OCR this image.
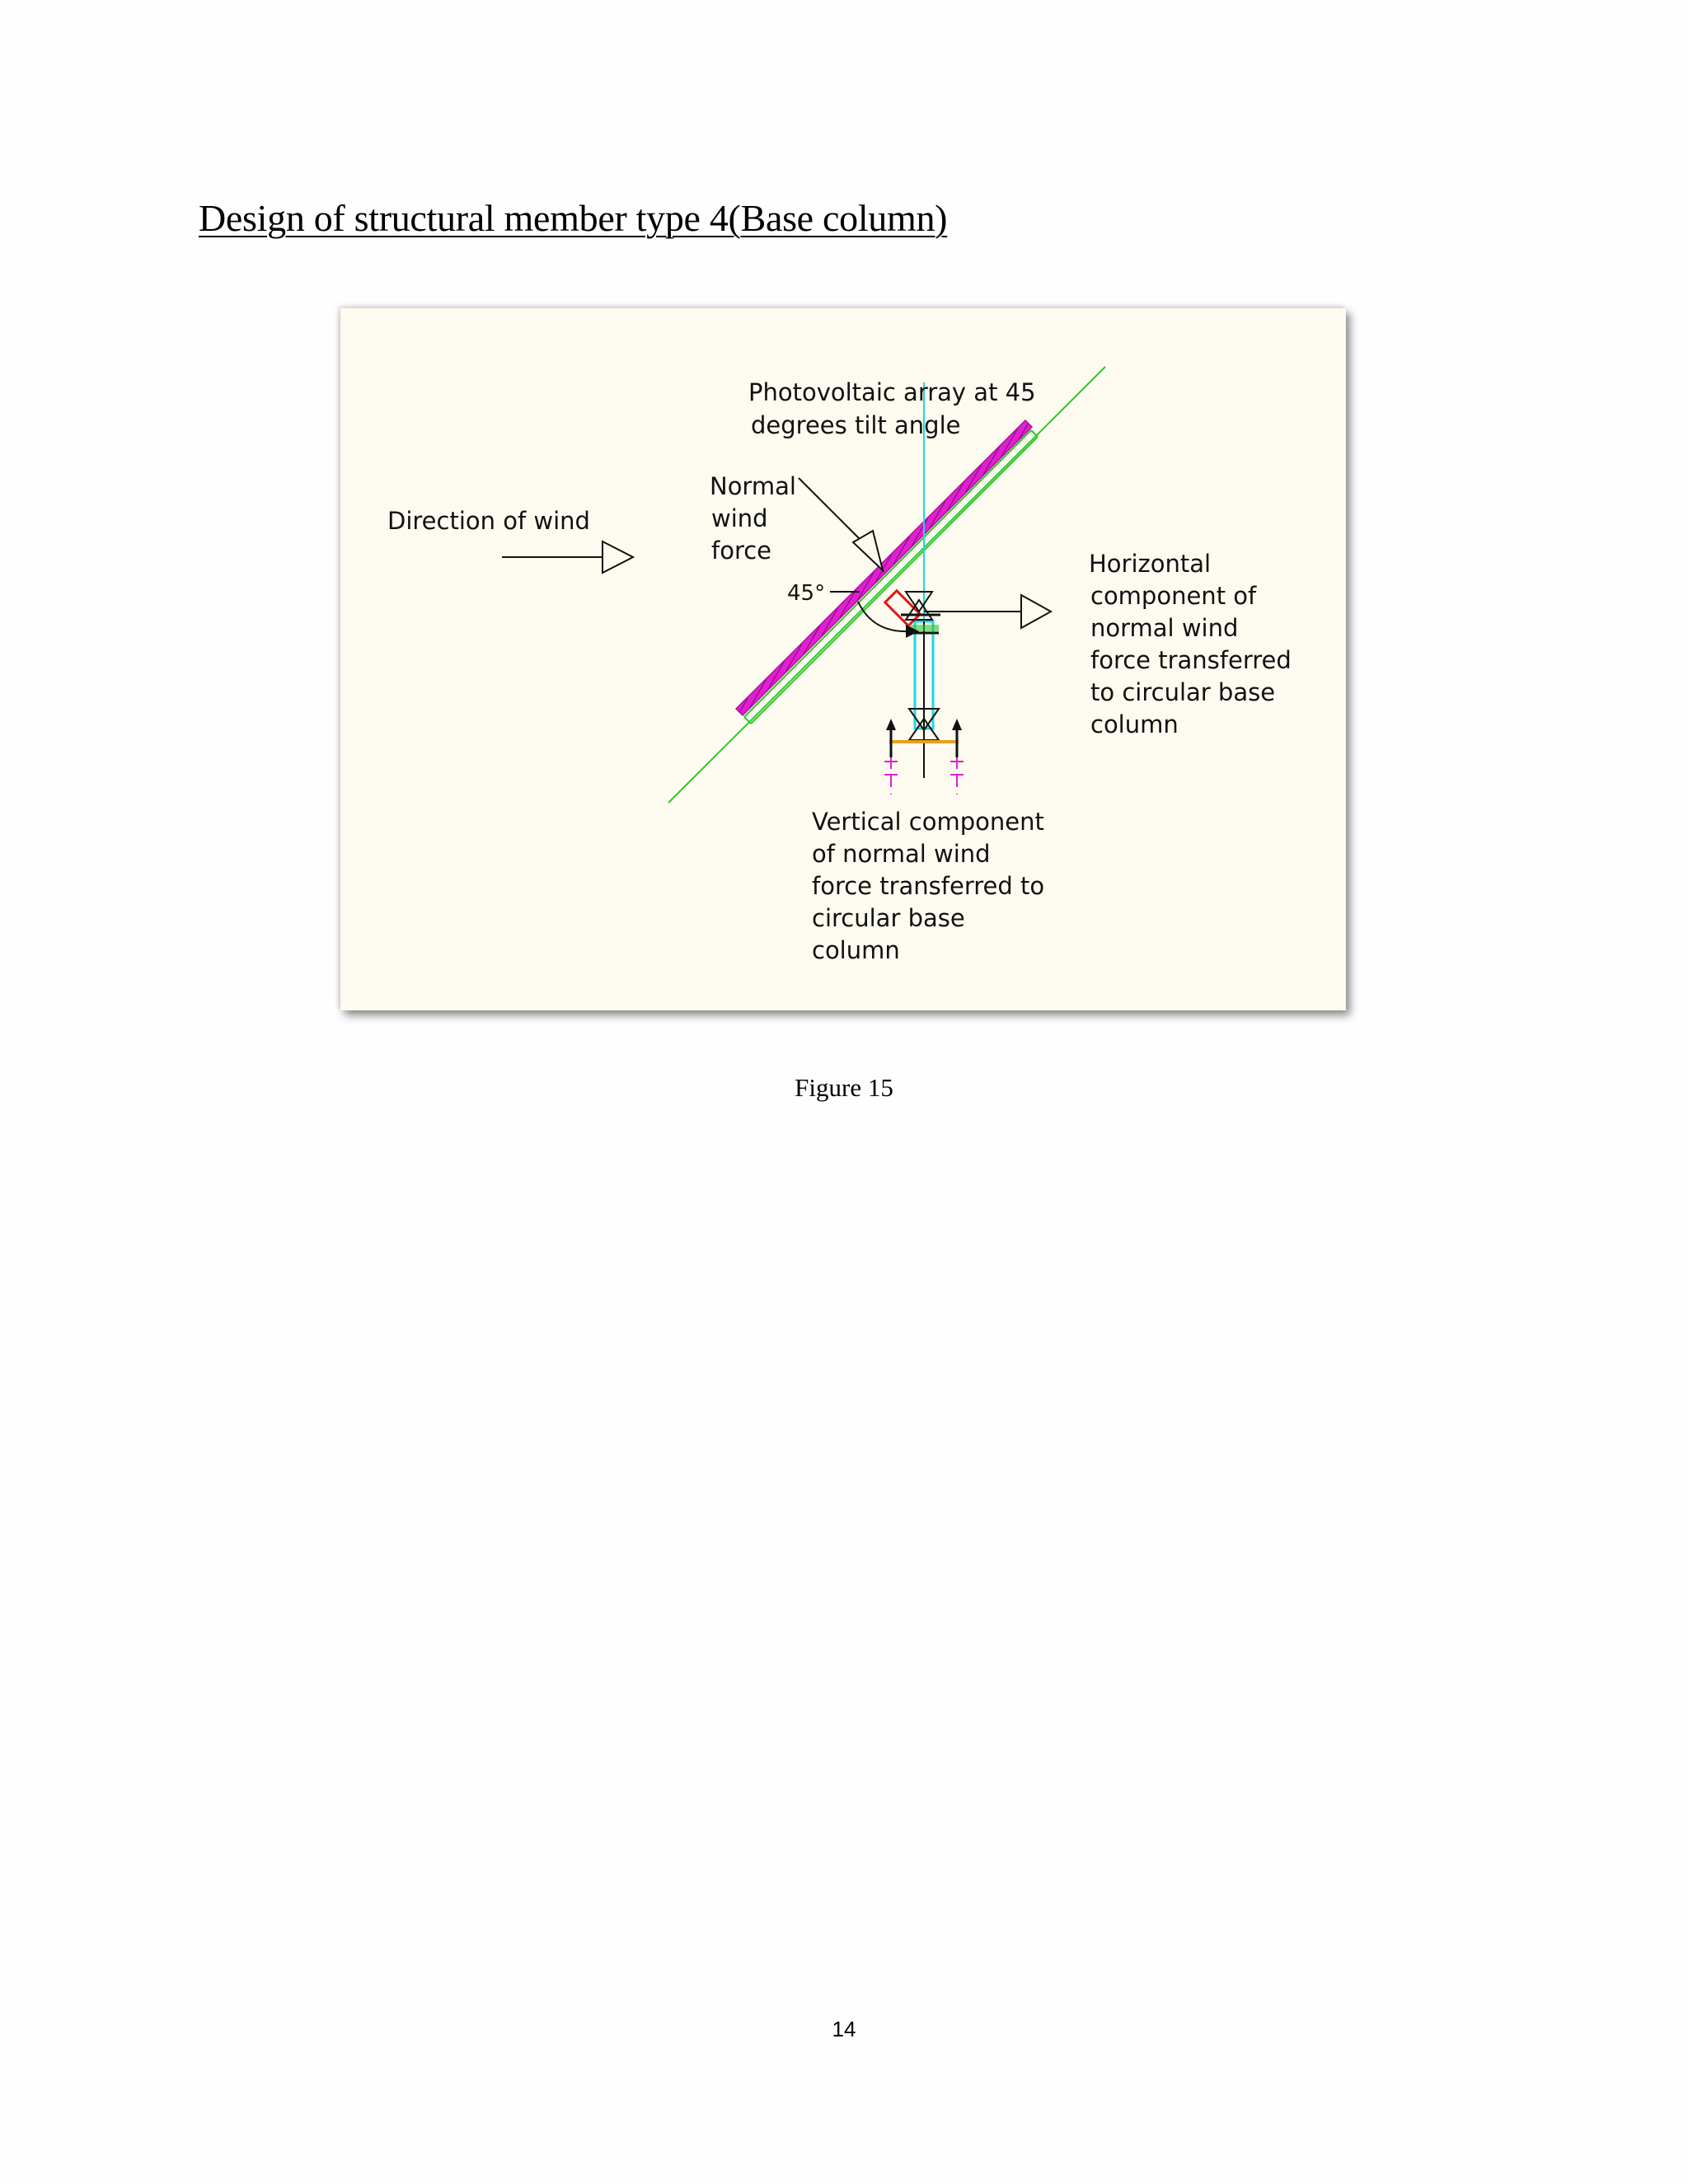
Design of structural member type 4(Base column)
Photovoltaic array at 45 degrees tilt angle
Normal wind force
Direction of wind
45°
Horizontal component of normal wind force transferred to circular base column
Vertical component of normal wind force transferred to circular base column
Figure 15
14
